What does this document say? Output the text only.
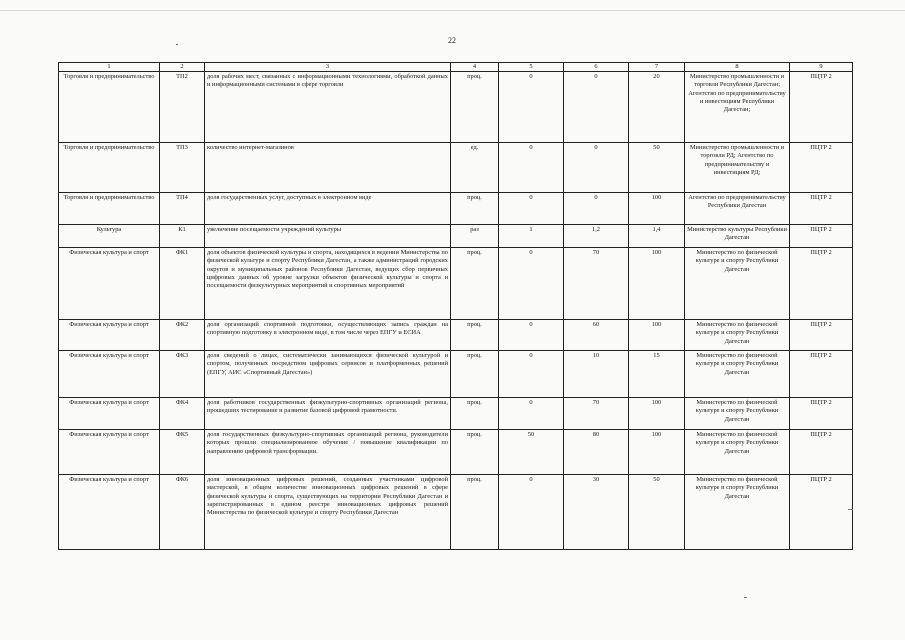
22
1	2	3	4	5	6	7	8	9
Торговля и предпринимательство	ТП2	доля рабочих мест, связанных с информационными технологиями, обработкой данных и информационными системами в сфере торговли	проц.	0	0	20	Министерство промышленности и торговли Республики Дагестан; Агентство по предпринимательству и инвестициям Республики Дагестан;	ПЦТР 2
Торговля и предпринимательство	ТП3	количество интернет-магазинов	ед.	0	0	50	Министерство промышленности и торговли РД; Агентство по предпринимательству и инвестициям РД;	ПЦТР 2
Торговля и предпринимательство	ТП4	доля государственных услуг, доступных в электронном виде	проц.	0	0	100	Агентство по предпринимательству Республики Дагестан	ПЦТР 2
Культура	К1	увеличение посещаемости учреждений культуры	раз	1	1,2	1,4	Министерство культуры Республики Дагестан	ПЦТР 2
Физическая культура и спорт	ФК1	доля объектов физической культуры и спорта, находящихся в ведении Министерства по физической культуре и спорту Республики Дагестан, а также администраций городских округов и муниципальных районов Республики Дагестан, ведущих сбор первичных цифровых данных об уровне загрузки объектов физической культуры и спорта и посещаемости физкультурных мероприятий и спортивных мероприятий	проц.	0	70	100	Министерство по физической культуре и спорту Республики Дагестан	ПЦТР 2
Физическая культура и спорт	ФК2	доля организаций спортивной подготовки, осуществляющих запись граждан на спортивную подготовку в электронном виде, в том числе через ЕПГУ и ЕСИА	проц.	0	60	100	Министерство по физической культуре и спорту Республики Дагестан	ПЦТР 2
Физическая культура и спорт	ФК3	доля сведений о лицах, систематически занимающихся физической культурой и спортом, полученных посредством цифровых сервисов и платформенных решений (ЕПГУ, АИС «Спортивный Дагестан»)	проц.	0	10	15	Министерство по физической культуре и спорту Республики Дагестан	ПЦТР 2
Физическая культура и спорт	ФК4	доля работников государственных физкультурно-спортивных организаций региона, прошедших тестирование и развитие базовой цифровой грамотности.	проц.	0	70	100	Министерство по физической культуре и спорту Республики Дагестан	ПЦТР 2
Физическая культура и спорт	ФК5	доля государственных физкультурно-спортивных организаций региона, руководители которых прошли специализированное обучение / повышение квалификации по направлению цифровой трансформации.	проц.	50	80	100	Министерство по физической культуре и спорту Республики Дагестан	ПЦТР 2
Физическая культура и спорт	ФК6	доля инновационных цифровых решений, созданных участниками цифровой мастерской, в общем количестве инновационных цифровых решений в сфере физической культуры и спорта, существующих на территории Республики Дагестан и зарегистрированных в едином реестре инновационных цифровых решений Министерства по физической культуре и спорту Республики Дагестан	проц.	0	30	50	Министерство по физической культуре и спорту Республики Дагестан	ПЦТР 2
